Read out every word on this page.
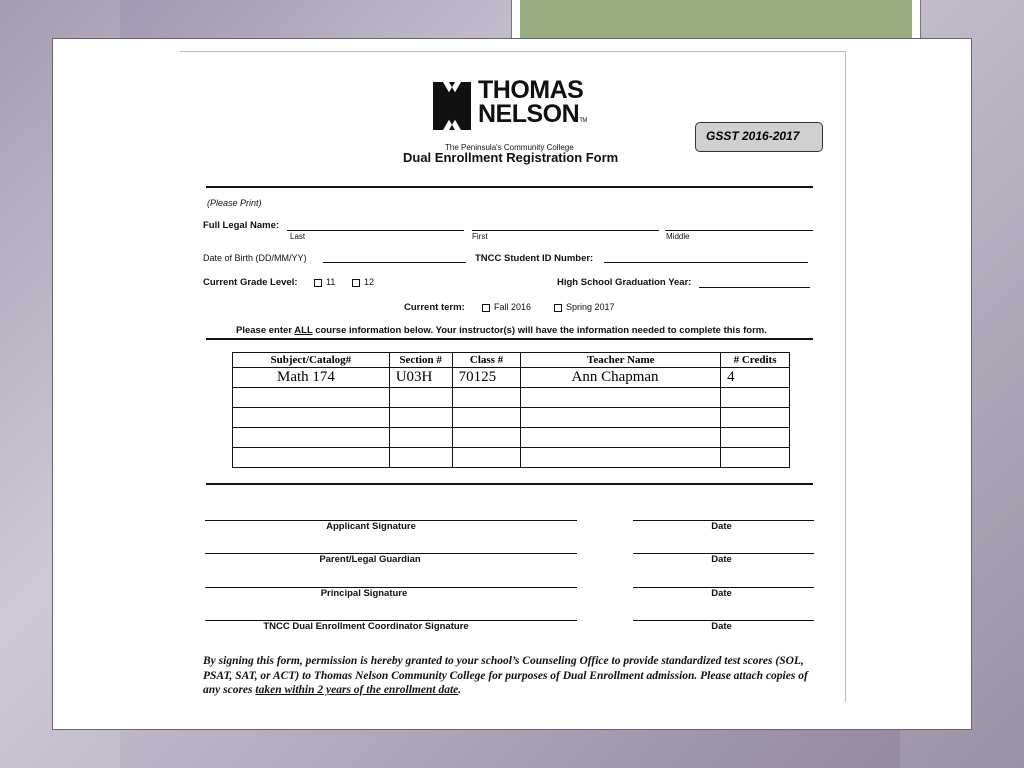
THOMAS
NELSONTM
The Peninsula's Community College
Dual Enrollment Registration Form
GSST 2016-2017
(Please Print)
Full Legal Name:
Last	First	Middle
Date of Birth (DD/MM/YY)	TNCC Student ID Number:
Current Grade Level:	11	12	High School Graduation Year:
Current term:	Fall 2016	Spring 2017
Please enter ALL course information below. Your instructor(s) will have the information needed to complete this form.
Subject/Catalog#	Section #	Class #	Teacher Name	# Credits
Math 174	U03H	70125	Ann Chapman	4

Applicant Signature	Date
Parent/Legal Guardian	Date
Principal Signature	Date
TNCC Dual Enrollment Coordinator Signature	Date
By signing this form, permission is hereby granted to your school’s Counseling Office to provide standardized test scores (SOL, PSAT, SAT, or ACT) to Thomas Nelson Community College for purposes of Dual Enrollment admission. Please attach copies of any scores taken within 2 years of the enrollment date.
